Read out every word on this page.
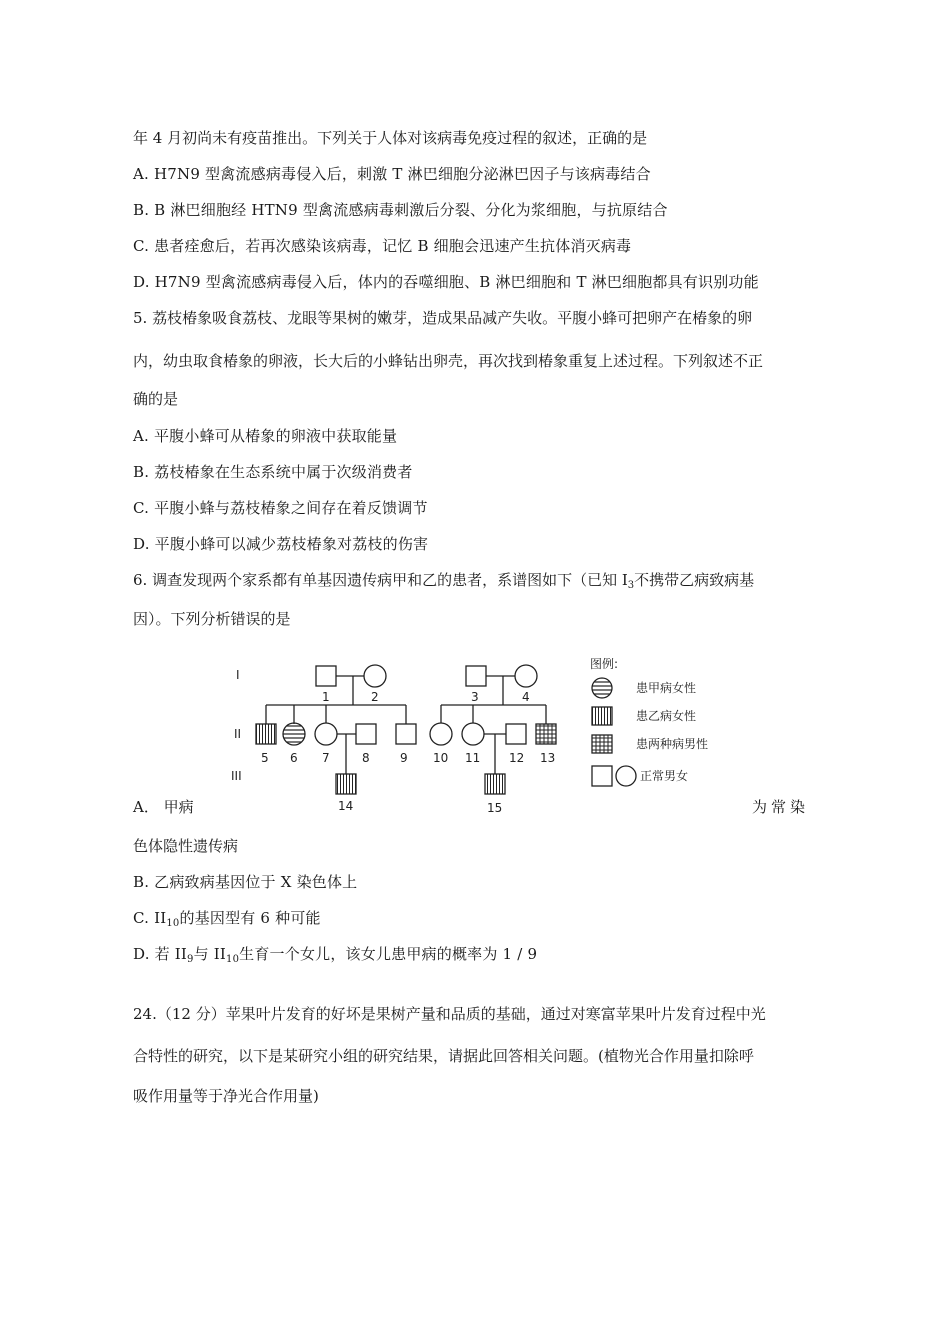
年 4 月初尚未有疫苗推出。下列关于人体对该病毒免疫过程的叙述，正确的是
A. H7N9 型禽流感病毒侵入后，刺激 T 淋巴细胞分泌淋巴因子与该病毒结合
B. B 淋巴细胞经 HTN9 型禽流感病毒刺激后分裂、分化为浆细胞，与抗原结合
C. 患者痊愈后，若再次感染该病毒，记忆 B 细胞会迅速产生抗体消灭病毒
D. H7N9 型禽流感病毒侵入后，体内的吞噬细胞、B 淋巴细胞和 T 淋巴细胞都具有识别功能
5. 荔枝椿象吸食荔枝、龙眼等果树的嫩芽，造成果品减产失收。平腹小蜂可把卵产在椿象的卵
内，幼虫取食椿象的卵液，长大后的小蜂钻出卵壳，再次找到椿象重复上述过程。下列叙述不正
确的是
A. 平腹小蜂可从椿象的卵液中获取能量
B. 荔枝椿象在生态系统中属于次级消费者
C. 平腹小蜂与荔枝椿象之间存在着反馈调节
D. 平腹小蜂可以减少荔枝椿象对荔枝的伤害
6. 调查发现两个家系都有单基因遗传病甲和乙的患者，系谱图如下（已知 $I_3$不携带乙病致病基
因）。下列分析错误的是
I
II
III
1	2	3	4
5 6 7	8	9 10 11 12 13
14	15
图例:
患甲病女性
患乙病女性
患两种病男性
正常男女
A． 甲病	为常染
色体隐性遗传病
B. 乙病致病基因位于 X 染色体上
C. $II_{10}$的基因型有 6 种可能
D. 若 $II_9$与 $II_{10}$生育一个女儿，该女儿患甲病的概率为 1 / 9
24.（12 分）苹果叶片发育的好坏是果树产量和品质的基础，通过对寒富苹果叶片发育过程中光
合特性的研究，以下是某研究小组的研究结果，请据此回答相关问题。(植物光合作用量扣除呼
吸作用量等于净光合作用量)
